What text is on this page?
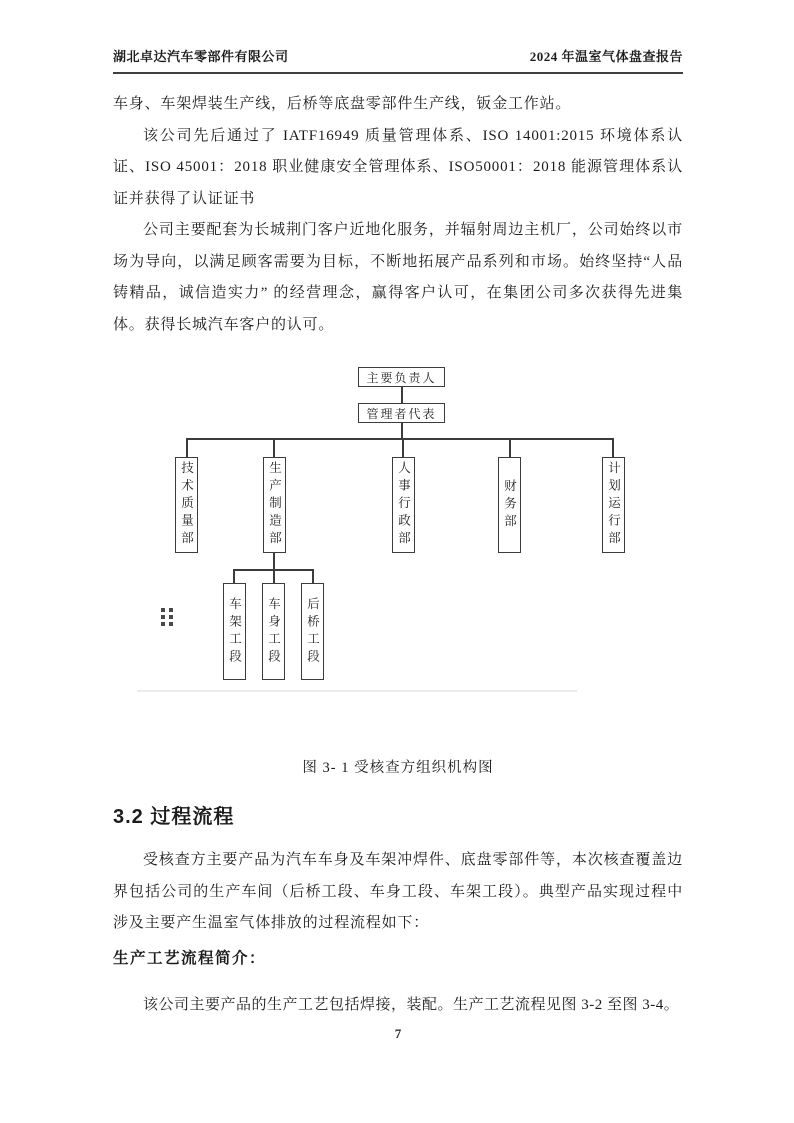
湖北卓达汽车零部件有限公司	2024 年温室气体盘查报告

车身、车架焊装生产线，后桥等底盘零部件生产线，钣金工作站。

该公司先后通过了 IATF16949 质量管理体系、ISO 14001:2015 环境体系认证、ISO 45001：2018 职业健康安全管理体系、ISO50001：2018 能源管理体系认证并获得了认证证书

公司主要配套为长城荆门客户近地化服务，并辐射周边主机厂，公司始终以市场为导向，以满足顾客需要为目标，不断地拓展产品系列和市场。始终坚持“人品铸精品，诚信造实力” 的经营理念，赢得客户认可，在集团公司多次获得先进集体。获得长城汽车客户的认可。

主要负责人
管理者代表
技术质量部	生产制造部	人事行政部	财务部	计划运行部
车架工段	车身工段	后桥工段
图 3- 1 受核查方组织机构图
3.2 过程流程
受核查方主要产品为汽车车身及车架冲焊件、底盘零部件等，本次核查覆盖边界包括公司的生产车间（后桥工段、车身工段、车架工段）。典型产品实现过程中涉及主要产生温室气体排放的过程流程如下：
生产工艺流程简介：
该公司主要产品的生产工艺包括焊接，装配。生产工艺流程见图 3-2 至图 3-4。
7
